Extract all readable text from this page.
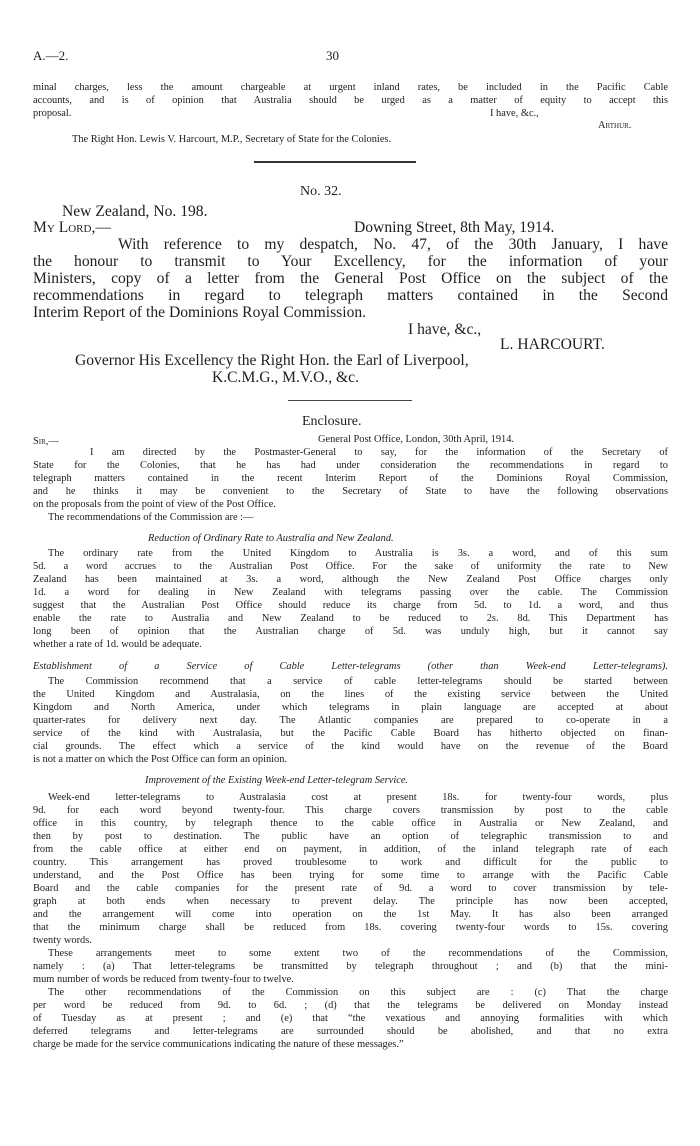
A.—2.	30
minal charges, less the amount chargeable at urgent inland rates, be included in the Pacific Cable
accounts, and is of opinion that Australia should be urged as a matter of equity to accept this
proposal.	I have, &c.,
Arthur.
The Right Hon. Lewis V. Harcourt, M.P., Secretary of State for the Colonies.
No. 32.
New Zealand, No. 198.
My Lord,—	Downing Street, 8th May, 1914.
With reference to my despatch, No. 47, of the 30th January, I have
the honour to transmit to Your Excellency, for the information of your
Ministers, copy of a letter from the General Post Office on the subject of the
recommendations in regard to telegraph matters contained in the Second
Interim Report of the Dominions Royal Commission.
I have, &c.,
L. HARCOURT.
Governor His Excellency the Right Hon. the Earl of Liverpool,
K.C.M.G., M.V.O., &c.
Enclosure.
Sir,—	General Post Office, London, 30th April, 1914.
I am directed by the Postmaster-General to say, for the information of the Secretary of
State for the Colonies, that he has had under consideration the recommendations in regard to
telegraph matters contained in the recent Interim Report of the Dominions Royal Commission,
and he thinks it may be convenient to the Secretary of State to have the following observations
on the proposals from the point of view of the Post Office.
The recommendations of the Commission are :—
Reduction of Ordinary Rate to Australia and New Zealand.
The ordinary rate from the United Kingdom to Australia is 3s. a word, and of this sum
5d. a word accrues to the Australian Post Office. For the sake of uniformity the rate to New
Zealand has been maintained at 3s. a word, although the New Zealand Post Office charges only
1d. a word for dealing in New Zealand with telegrams passing over the cable. The Commission
suggest that the Australian Post Office should reduce its charge from 5d. to 1d. a word, and thus
enable the rate to Australia and New Zealand to be reduced to 2s. 8d. This Department has
long been of opinion that the Australian charge of 5d. was unduly high, but it cannot say
whether a rate of 1d. would be adequate.
Establishment of a Service of Cable Letter-telegrams (other than Week-end Letter-telegrams).
The Commission recommend that a service of cable letter-telegrams should be started between
the United Kingdom and Australasia, on the lines of the existing service between the United
Kingdom and North America, under which telegrams in plain language are accepted at about
quarter-rates for delivery next day. The Atlantic companies are prepared to co-operate in a
service of the kind with Australasia, but the Pacific Cable Board has hitherto objected on finan-
cial grounds. The effect which a service of the kind would have on the revenue of the Board
is not a matter on which the Post Office can form an opinion.
Improvement of the Existing Week-end Letter-telegram Service.
Week-end letter-telegrams to Australasia cost at present 18s. for twenty-four words, plus
9d. for each word beyond twenty-four. This charge covers transmission by post to the cable
office in this country, by telegraph thence to the cable office in Australia or New Zealand, and
then by post to destination. The public have an option of telegraphic transmission to and
from the cable office at either end on payment, in addition, of the inland telegraph rate of each
country. This arrangement has proved troublesome to work and difficult for the public to
understand, and the Post Office has been trying for some time to arrange with the Pacific Cable
Board and the cable companies for the present rate of 9d. a word to cover transmission by tele-
graph at both ends when necessary to prevent delay. The principle has now been accepted,
and the arrangement will come into operation on the 1st May. It has also been arranged
that the minimum charge shall be reduced from 18s. covering twenty-four words to 15s. covering
twenty words.
These arrangements meet to some extent two of the recommendations of the Commission,
namely : (a) That letter-telegrams be transmitted by telegraph throughout ; and (b) that the mini-
mum number of words be reduced from twenty-four to twelve.
The other recommendations of the Commission on this subject are : (c) That the charge
per word be reduced from 9d. to 6d. ; (d) that the telegrams be delivered on Monday instead
of Tuesday as at present ; and (e) that “the vexatious and annoying formalities with which
deferred telegrams and letter-telegrams are surrounded should be abolished, and that no extra
charge be made for the service communications indicating the nature of these messages.”
